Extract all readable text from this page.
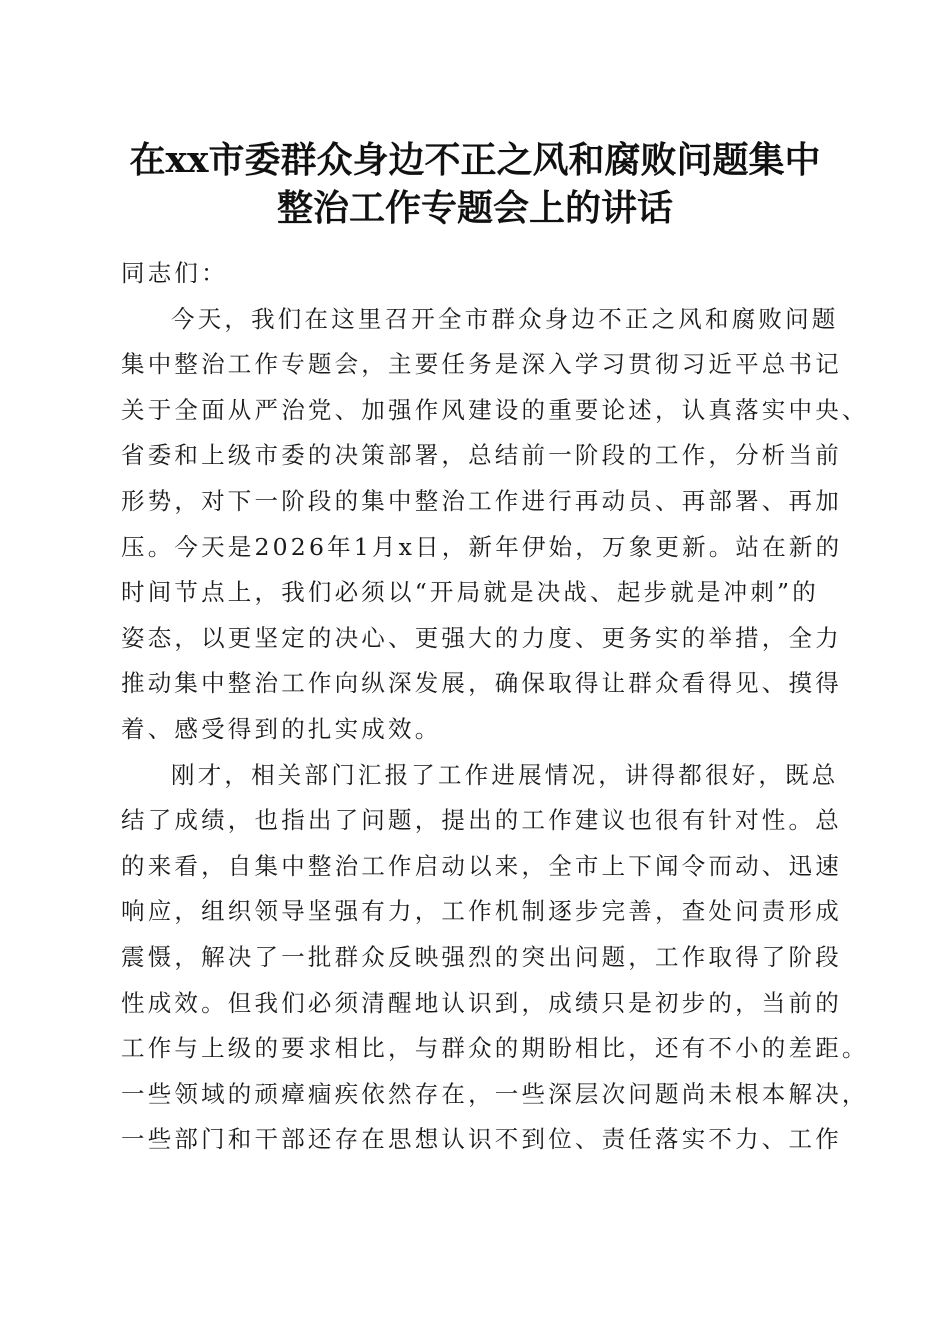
在xx市委群众身边不正之风和腐败问题集中
整治工作专题会上的讲话
同志们：
今天，我们在这里召开全市群众身边不正之风和腐败问题
集中整治工作专题会，主要任务是深入学习贯彻习近平总书记
关于全面从严治党、加强作风建设的重要论述，认真落实中央、
省委和上级市委的决策部署，总结前一阶段的工作，分析当前
形势，对下一阶段的集中整治工作进行再动员、再部署、再加
压。今天是2026年1月x日，新年伊始，万象更新。站在新的
时间节点上，我们必须以“开局就是决战、起步就是冲刺”的
姿态，以更坚定的决心、更强大的力度、更务实的举措，全力
推动集中整治工作向纵深发展，确保取得让群众看得见、摸得
着、感受得到的扎实成效。
刚才，相关部门汇报了工作进展情况，讲得都很好，既总
结了成绩，也指出了问题，提出的工作建议也很有针对性。总
的来看，自集中整治工作启动以来，全市上下闻令而动、迅速
响应，组织领导坚强有力，工作机制逐步完善，查处问责形成
震慑，解决了一批群众反映强烈的突出问题，工作取得了阶段
性成效。但我们必须清醒地认识到，成绩只是初步的，当前的
工作与上级的要求相比，与群众的期盼相比，还有不小的差距。
一些领域的顽瘴痼疾依然存在，一些深层次问题尚未根本解决，
一些部门和干部还存在思想认识不到位、责任落实不力、工作
